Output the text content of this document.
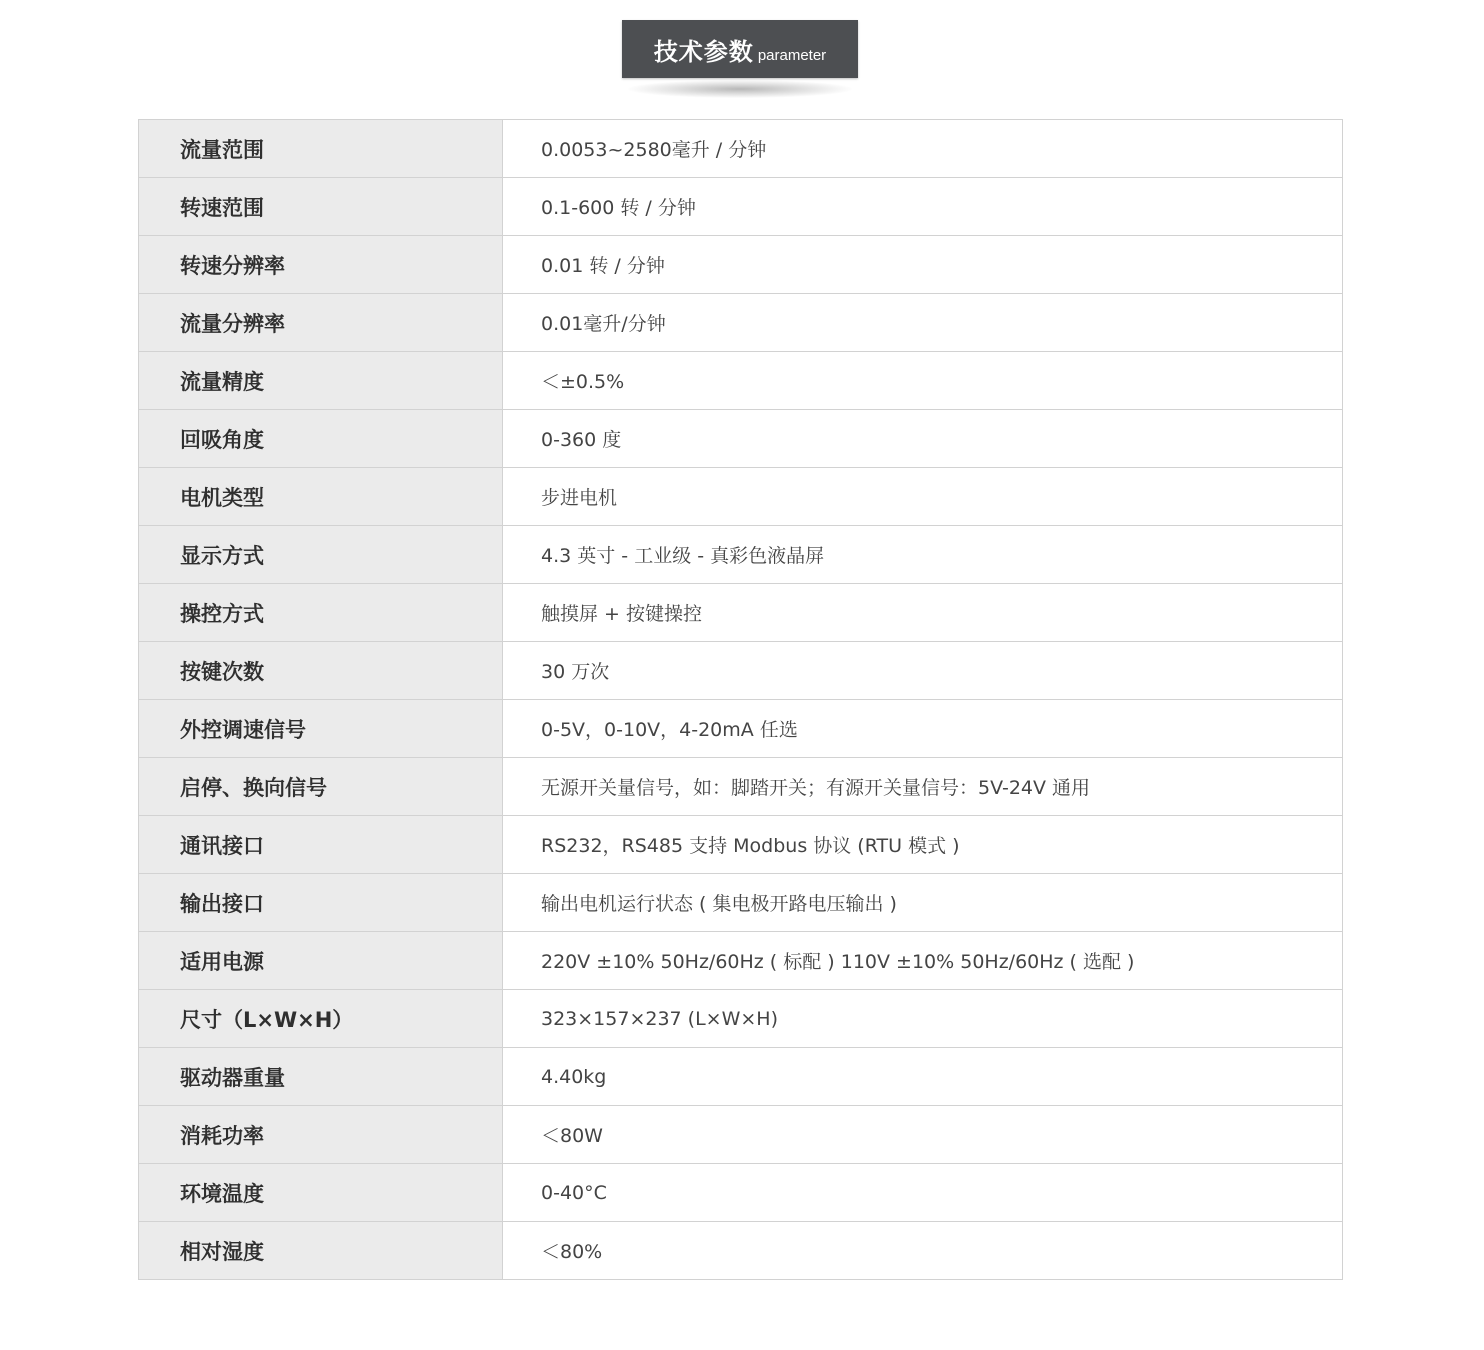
技术参数 parameter
流量范围	0.0053~2580毫升 / 分钟
转速范围	0.1-600 转 / 分钟
转速分辨率	0.01 转 / 分钟
流量分辨率	0.01毫升/分钟
流量精度	＜±0.5%
回吸角度	0-360 度
电机类型	步进电机
显示方式	4.3 英寸 - 工业级 - 真彩色液晶屏
操控方式	触摸屏 + 按键操控
按键次数	30 万次
外控调速信号	0-5V，0-10V，4-20mA 任选
启停、换向信号	无源开关量信号，如：脚踏开关；有源开关量信号：5V-24V 通用
通讯接口	RS232，RS485 支持 Modbus 协议 (RTU 模式 )
输出接口	输出电机运行状态 ( 集电极开路电压输出 )
适用电源	220V ±10% 50Hz/60Hz ( 标配 ) 110V ±10% 50Hz/60Hz ( 选配 )
尺寸（L×W×H）	323×157×237 (L×W×H)
驱动器重量	4.40kg
消耗功率	＜80W
环境温度	0-40°C
相对湿度	＜80%
